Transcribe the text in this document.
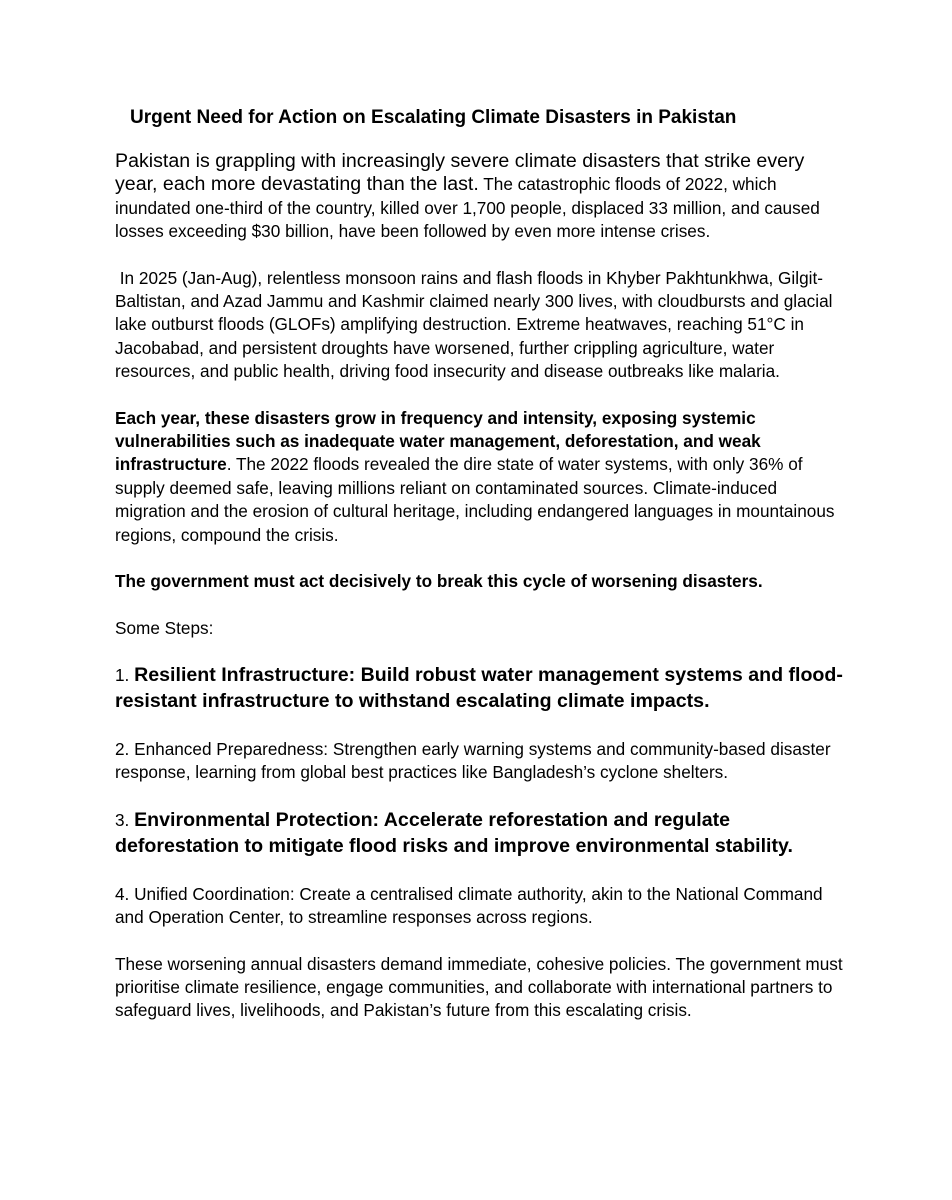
Urgent Need for Action on Escalating Climate Disasters in Pakistan

Pakistan is grappling with increasingly severe climate disasters that strike every year, each more devastating than the last. The catastrophic floods of 2022, which inundated one-third of the country, killed over 1,700 people, displaced 33 million, and caused losses exceeding $30 billion, have been followed by even more intense crises.

In 2025 (Jan-Aug), relentless monsoon rains and flash floods in Khyber Pakhtunkhwa, Gilgit-Baltistan, and Azad Jammu and Kashmir claimed nearly 300 lives, with cloudbursts and glacial lake outburst floods (GLOFs) amplifying destruction. Extreme heatwaves, reaching 51°C in Jacobabad, and persistent droughts have worsened, further crippling agriculture, water resources, and public health, driving food insecurity and disease outbreaks like malaria.

Each year, these disasters grow in frequency and intensity, exposing systemic vulnerabilities such as inadequate water management, deforestation, and weak infrastructure. The 2022 floods revealed the dire state of water systems, with only 36% of supply deemed safe, leaving millions reliant on contaminated sources. Climate-induced migration and the erosion of cultural heritage, including endangered languages in mountainous regions, compound the crisis.

The government must act decisively to break this cycle of worsening disasters.

Some Steps:

1. Resilient Infrastructure: Build robust water management systems and flood-resistant infrastructure to withstand escalating climate impacts.

2. Enhanced Preparedness: Strengthen early warning systems and community-based disaster response, learning from global best practices like Bangladesh’s cyclone shelters.

3. Environmental Protection: Accelerate reforestation and regulate deforestation to mitigate flood risks and improve environmental stability.

4. Unified Coordination: Create a centralised climate authority, akin to the National Command and Operation Center, to streamline responses across regions.

These worsening annual disasters demand immediate, cohesive policies. The government must prioritise climate resilience, engage communities, and collaborate with international partners to safeguard lives, livelihoods, and Pakistan’s future from this escalating crisis.
